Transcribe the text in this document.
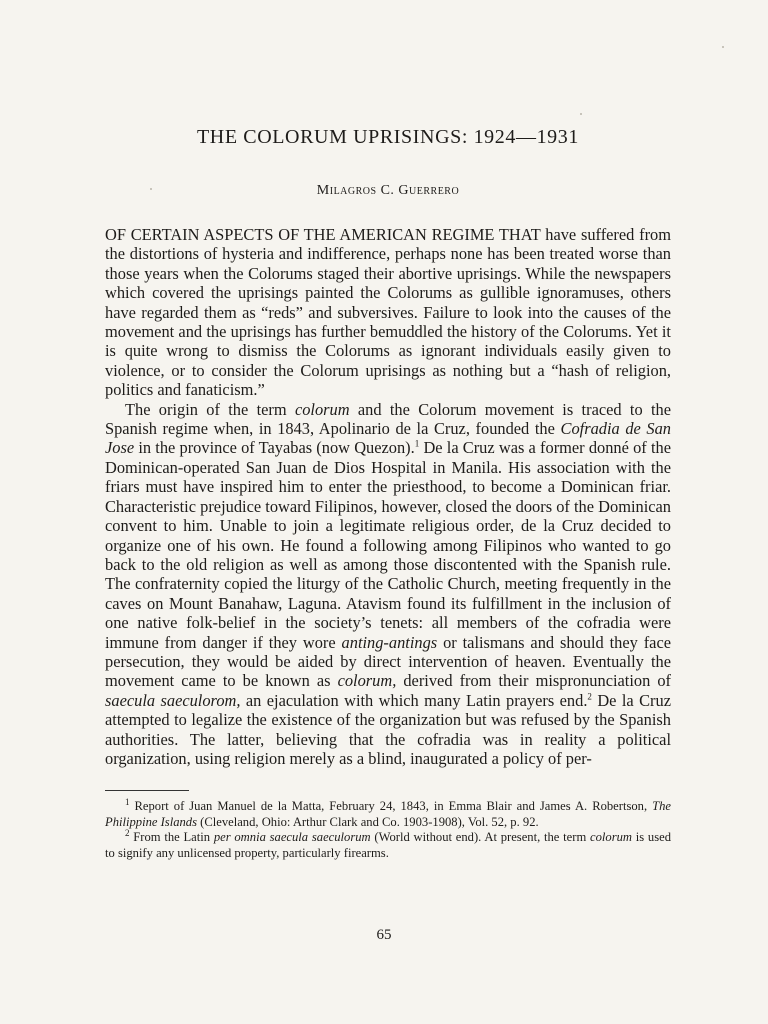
THE COLORUM UPRISINGS: 1924—1931
Milagros C. Guerrero

OF CERTAIN ASPECTS OF THE AMERICAN REGIME THAT have suffered from the distortions of hysteria and indifference, perhaps none has been treated worse than those years when the Colorums staged their abortive uprisings. While the newspapers which covered the uprisings painted the Colorums as gullible ignoramuses, others have regarded them as “reds” and subversives. Failure to look into the causes of the movement and the uprisings has further bemuddled the history of the Colorums. Yet it is quite wrong to dismiss the Colorums as ignorant individuals easily given to violence, or to consider the Colorum uprisings as nothing but a “hash of religion, politics and fanaticism.”

The origin of the term colorum and the Colorum movement is traced to the Spanish regime when, in 1843, Apolinario de la Cruz, founded the Cofradia de San Jose in the province of Tayabas (now Quezon).$^1$ De la Cruz was a former donné of the Dominican-operated San Juan de Dios Hospital in Manila. His association with the friars must have inspired him to enter the priesthood, to become a Dominican friar. Characteristic prejudice toward Filipinos, however, closed the doors of the Dominican convent to him. Unable to join a legitimate religious order, de la Cruz decided to organize one of his own. He found a following among Filipinos who wanted to go back to the old religion as well as among those discontented with the Spanish rule. The confraternity copied the liturgy of the Catholic Church, meeting frequently in the caves on Mount Banahaw, Laguna. Atavism found its fulfillment in the inclusion of one native folk-belief in the society’s tenets: all members of the cofradia were immune from danger if they wore anting-antings or talismans and should they face persecution, they would be aided by direct intervention of heaven. Eventually the movement came to be known as colorum, derived from their mispronunciation of saecula saeculorom, an ejaculation with which many Latin prayers end.$^2$ De la Cruz attempted to legalize the existence of the organization but was refused by the Spanish authorities. The latter, believing that the cofradia was in reality a political organization, using religion merely as a blind, inaugurated a policy of per-

$^1$ Report of Juan Manuel de la Matta, February 24, 1843, in Emma Blair and James A. Robertson, The Philippine Islands (Cleveland, Ohio: Arthur Clark and Co. 1903-1908), Vol. 52, p. 92.

$^2$ From the Latin per omnia saecula saeculorum (World without end). At present, the term colorum is used to signify any unlicensed property, particularly firearms.

65
